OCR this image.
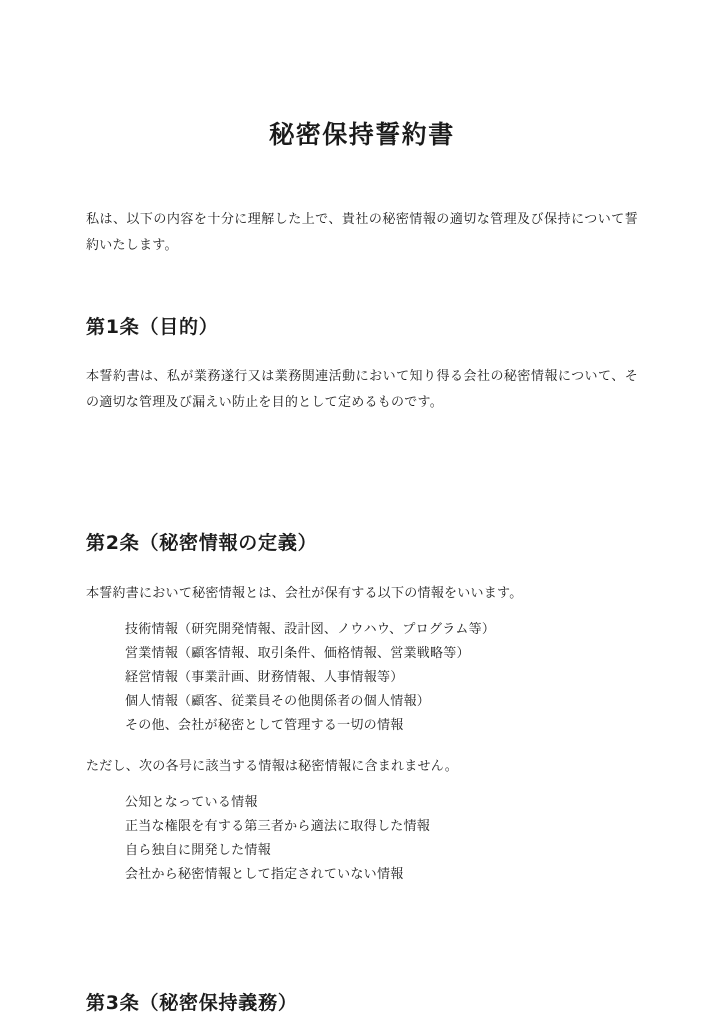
秘密保持誓約書

私は、以下の内容を十分に理解した上で、貴社の秘密情報の適切な管理及び保持について誓約いたします。

第1条（目的）

本誓約書は、私が業務遂行又は業務関連活動において知り得る会社の秘密情報について、その適切な管理及び漏えい防止を目的として定めるものです。

第2条（秘密情報の定義）

本誓約書において秘密情報とは、会社が保有する以下の情報をいいます。

技術情報（研究開発情報、設計図、ノウハウ、プログラム等）
営業情報（顧客情報、取引条件、価格情報、営業戦略等）
経営情報（事業計画、財務情報、人事情報等）
個人情報（顧客、従業員その他関係者の個人情報）
その他、会社が秘密として管理する一切の情報

ただし、次の各号に該当する情報は秘密情報に含まれません。

公知となっている情報
正当な権限を有する第三者から適法に取得した情報
自ら独自に開発した情報
会社から秘密情報として指定されていない情報
第3条（秘密保持義務）
